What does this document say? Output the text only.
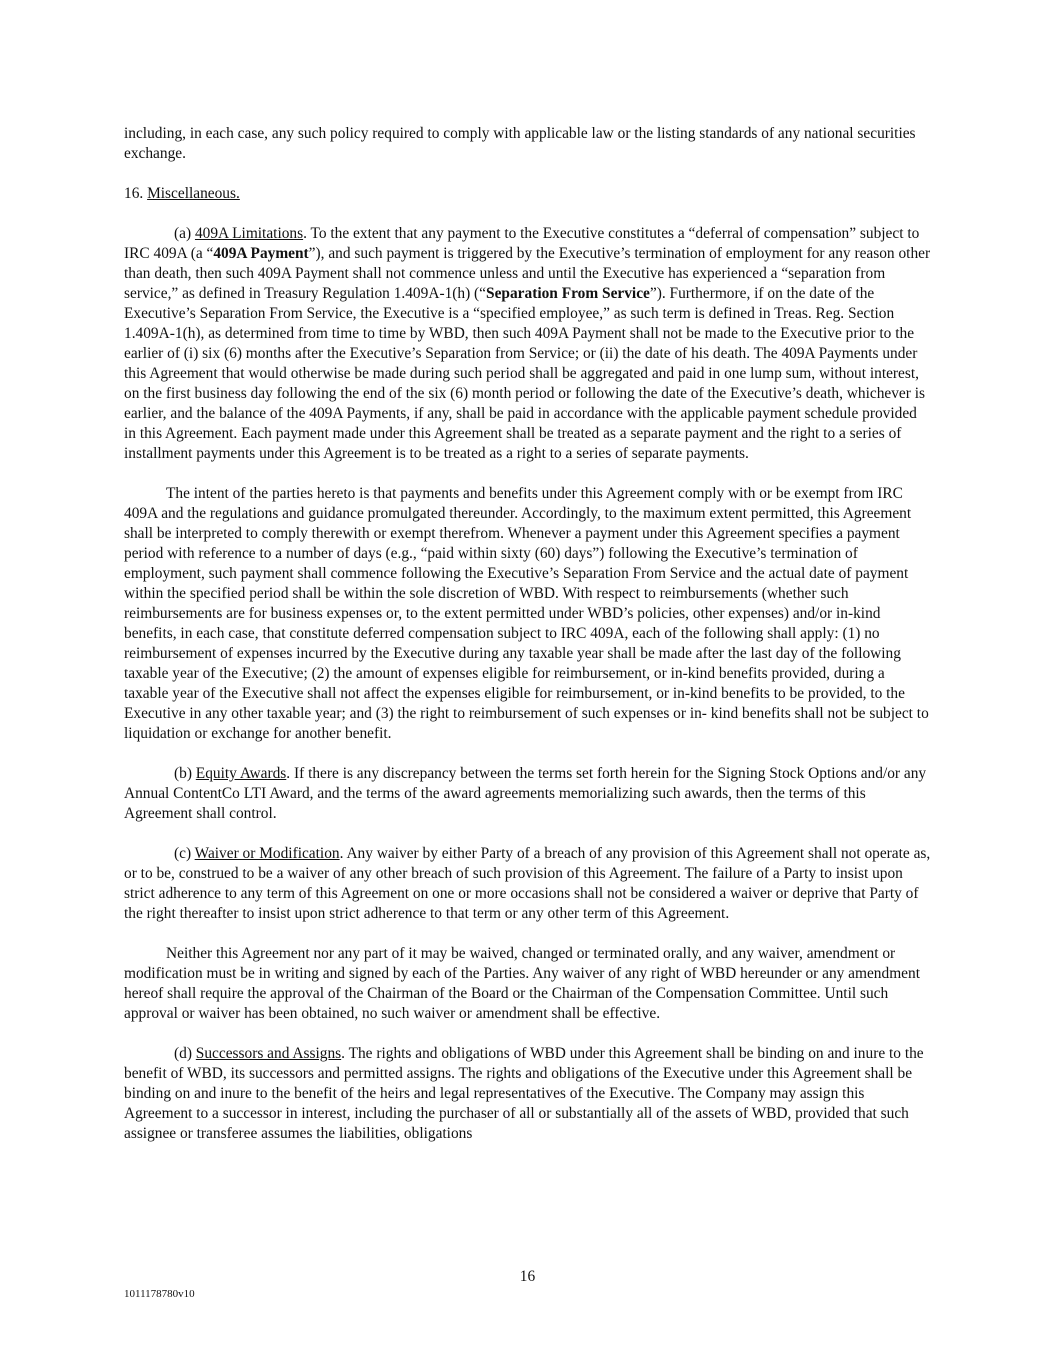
including, in each case, any such policy required to comply with applicable law or the listing standards of any national securities exchange.

16. Miscellaneous.

(a) 409A Limitations. To the extent that any payment to the Executive constitutes a “deferral of compensation” subject to IRC 409A (a “409A Payment”), and such payment is triggered by the Executive’s termination of employment for any reason other than death, then such 409A Payment shall not commence unless and until the Executive has experienced a “separation from service,” as defined in Treasury Regulation 1.409A-1(h) (“Separation From Service”). Furthermore, if on the date of the Executive’s Separation From Service, the Executive is a “specified employee,” as such term is defined in Treas. Reg. Section 1.409A-1(h), as determined from time to time by WBD, then such 409A Payment shall not be made to the Executive prior to the earlier of (i) six (6) months after the Executive’s Separation from Service; or (ii) the date of his death. The 409A Payments under this Agreement that would otherwise be made during such period shall be aggregated and paid in one lump sum, without interest, on the first business day following the end of the six (6) month period or following the date of the Executive’s death, whichever is earlier, and the balance of the 409A Payments, if any, shall be paid in accordance with the applicable payment schedule provided in this Agreement. Each payment made under this Agreement shall be treated as a separate payment and the right to a series of installment payments under this Agreement is to be treated as a right to a series of separate payments.

The intent of the parties hereto is that payments and benefits under this Agreement comply with or be exempt from IRC 409A and the regulations and guidance promulgated thereunder. Accordingly, to the maximum extent permitted, this Agreement shall be interpreted to comply therewith or exempt therefrom. Whenever a payment under this Agreement specifies a payment period with reference to a number of days (e.g., “paid within sixty (60) days”) following the Executive’s termination of employment, such payment shall commence following the Executive’s Separation From Service and the actual date of payment within the specified period shall be within the sole discretion of WBD. With respect to reimbursements (whether such reimbursements are for business expenses or, to the extent permitted under WBD’s policies, other expenses) and/or in-kind benefits, in each case, that constitute deferred compensation subject to IRC 409A, each of the following shall apply: (1) no reimbursement of expenses incurred by the Executive during any taxable year shall be made after the last day of the following taxable year of the Executive; (2) the amount of expenses eligible for reimbursement, or in-kind benefits provided, during a taxable year of the Executive shall not affect the expenses eligible for reimbursement, or in-kind benefits to be provided, to the Executive in any other taxable year; and (3) the right to reimbursement of such expenses or in- kind benefits shall not be subject to liquidation or exchange for another benefit.

(b) Equity Awards. If there is any discrepancy between the terms set forth herein for the Signing Stock Options and/or any Annual ContentCo LTI Award, and the terms of the award agreements memorializing such awards, then the terms of this Agreement shall control.

(c) Waiver or Modification. Any waiver by either Party of a breach of any provision of this Agreement shall not operate as, or to be, construed to be a waiver of any other breach of such provision of this Agreement. The failure of a Party to insist upon strict adherence to any term of this Agreement on one or more occasions shall not be considered a waiver or deprive that Party of the right thereafter to insist upon strict adherence to that term or any other term of this Agreement.

Neither this Agreement nor any part of it may be waived, changed or terminated orally, and any waiver, amendment or modification must be in writing and signed by each of the Parties. Any waiver of any right of WBD hereunder or any amendment hereof shall require the approval of the Chairman of the Board or the Chairman of the Compensation Committee. Until such approval or waiver has been obtained, no such waiver or amendment shall be effective.

(d) Successors and Assigns. The rights and obligations of WBD under this Agreement shall be binding on and inure to the benefit of WBD, its successors and permitted assigns. The rights and obligations of the Executive under this Agreement shall be binding on and inure to the benefit of the heirs and legal representatives of the Executive. The Company may assign this Agreement to a successor in interest, including the purchaser of all or substantially all of the assets of WBD, provided that such assignee or transferee assumes the liabilities, obligations

16
1011178780v10
